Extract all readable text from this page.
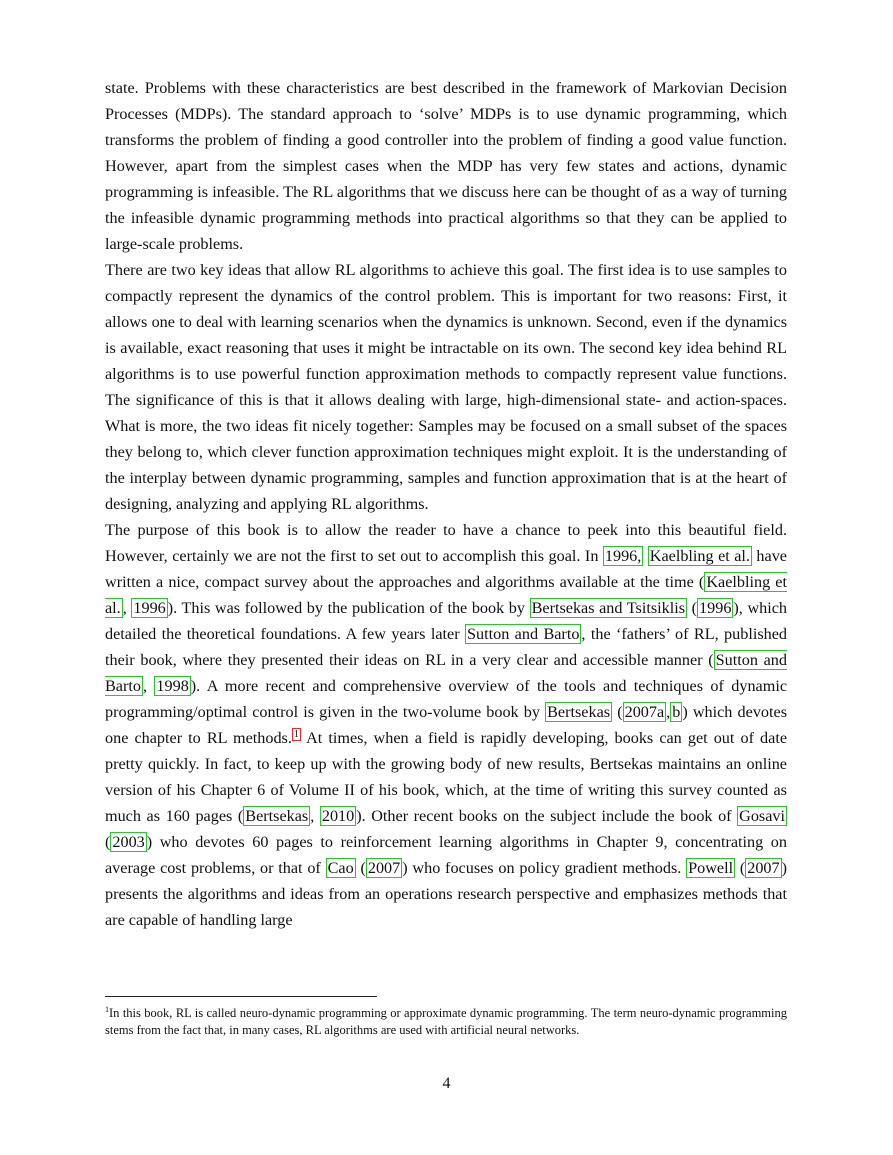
state. Problems with these characteristics are best described in the framework of Markovian Decision Processes (MDPs). The standard approach to ‘solve’ MDPs is to use dynamic programming, which transforms the problem of finding a good controller into the problem of finding a good value function. However, apart from the simplest cases when the MDP has very few states and actions, dynamic programming is infeasible. The RL algorithms that we discuss here can be thought of as a way of turning the infeasible dynamic programming methods into practical algorithms so that they can be applied to large-scale problems.

There are two key ideas that allow RL algorithms to achieve this goal. The first idea is to use samples to compactly represent the dynamics of the control problem. This is important for two reasons: First, it allows one to deal with learning scenarios when the dynamics is unknown. Second, even if the dynamics is available, exact reasoning that uses it might be intractable on its own. The second key idea behind RL algorithms is to use powerful function approximation methods to compactly represent value functions. The significance of this is that it allows dealing with large, high-dimensional state- and action-spaces. What is more, the two ideas fit nicely together: Samples may be focused on a small subset of the spaces they belong to, which clever function approximation techniques might exploit. It is the understanding of the interplay between dynamic programming, samples and function approximation that is at the heart of designing, analyzing and applying RL algorithms.

The purpose of this book is to allow the reader to have a chance to peek into this beautiful field. However, certainly we are not the first to set out to accomplish this goal. In 1996, Kaelbling et al. have written a nice, compact survey about the approaches and algorithms available at the time ( Kaelbling et al. , 1996 ). This was followed by the publication of the book by Bertsekas and Tsitsiklis ( 1996 ), which detailed the theoretical foundations. A few years later Sutton and Barto , the ‘fathers’ of RL, published their book, where they presented their ideas on RL in a very clear and accessible manner ( Sutton and Barto , 1998 ). A more recent and comprehensive overview of the tools and techniques of dynamic programming/optimal control is given in the two-volume book by Bertsekas ( 2007a , b ) which devotes one chapter to RL methods. $^1$ At times, when a field is rapidly developing, books can get out of date pretty quickly. In fact, to keep up with the growing body of new results, Bertsekas maintains an online version of his Chapter 6 of Volume II of his book, which, at the time of writing this survey counted as much as 160 pages ( Bertsekas , 2010 ). Other recent books on the subject include the book of Gosavi ( 2003 ) who devotes 60 pages to reinforcement learning algorithms in Chapter 9, concentrating on average cost problems, or that of Cao ( 2007 ) who focuses on policy gradient methods. Powell ( 2007 ) presents the algorithms and ideas from an operations research perspective and emphasizes methods that are capable of handling large

$^1$In this book, RL is called neuro-dynamic programming or approximate dynamic programming. The term neuro-dynamic programming stems from the fact that, in many cases, RL algorithms are used with artificial neural networks.
4
